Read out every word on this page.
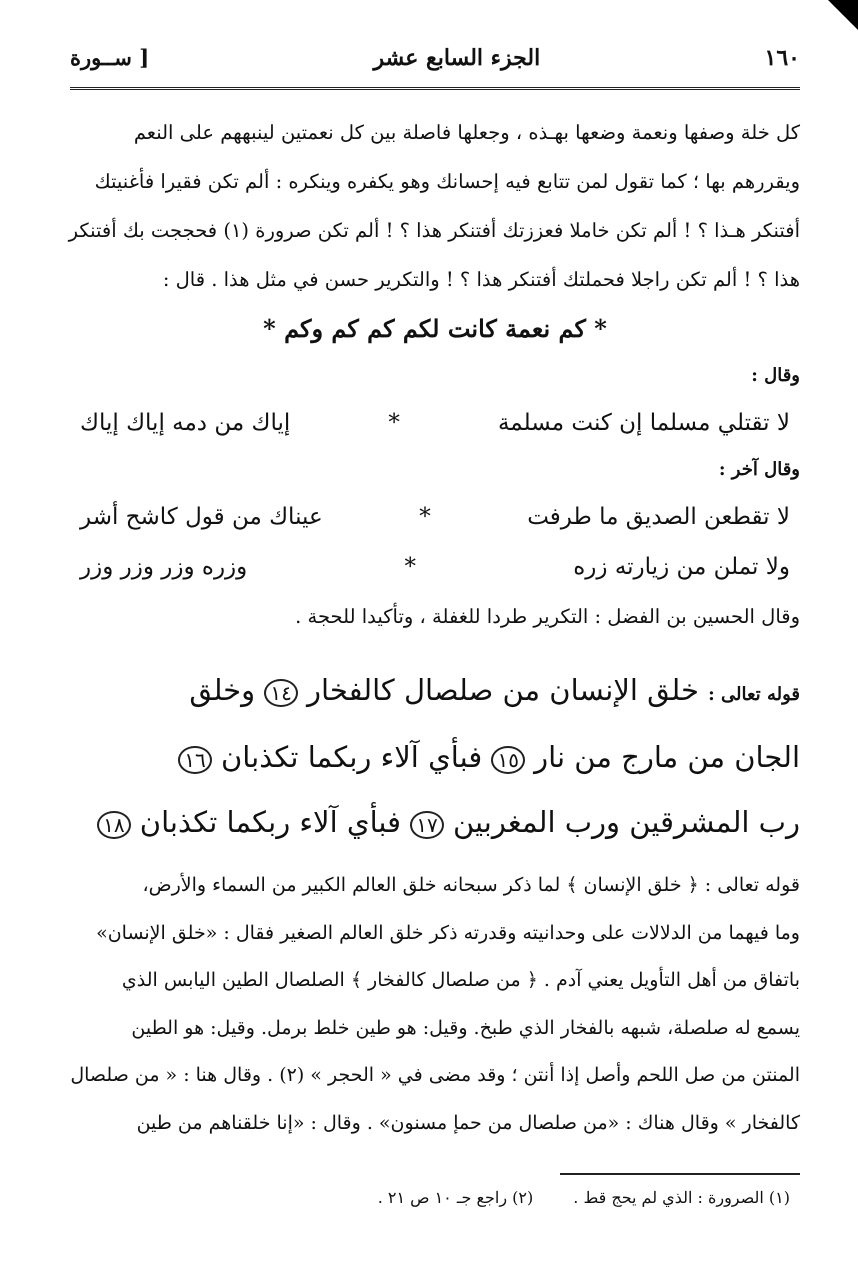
١٦٠
الجزء السابع عشر
[ ســورة
كل خلة وصفها ونعمة وضعها بهـذه ، وجعلها فاصلة بين كل نعمتين لينبههم على النعم
ويقررهم بها ؛ كما تقول لمن تتابع فيه إحسانك وهو يكفره وينكره : ألم تكن فقيرا فأغنيتك
أفتنكر هـذا ؟ ! ألم تكن خاملا فعززتك أفتنكر هذا ؟ ! ألم تكن صرورة (١) فحججت بك أفتنكر
هذا ؟ ! ألم تكن راجلا فحملتك أفتنكر هذا ؟ ! والتكرير حسن في مثل هذا . قال :
* كم نعمة كانت لكم كم كم وكم *
وقال :
لا تقتلي مسلما إن كنت مسلمة
*
إياك من دمه إياك إياك
وقال آخر :
لا تقطعن الصديق ما طرفت
*
عيناك من قول كاشح أشر
ولا تملن من زيارته زره
*
وزره وزر وزر وزر
وقال الحسين بن الفضل : التكرير طردا للغفلة ، وتأكيدا للحجة .
قوله تعالى : خلق الإنسان من صلصال كالفخار ١٤ وخلق
الجان من مارج من نار ١٥ فبأي آلاء ربكما تكذبان ١٦
رب المشرقين ورب المغربين ١٧ فبأي آلاء ربكما تكذبان ١٨
قوله تعالى : ﴿ خلق الإنسان ﴾ لما ذكر سبحانه خلق العالم الكبير من السماء والأرض،
وما فيهما من الدلالات على وحدانيته وقدرته ذكر خلق العالم الصغير فقال : «خلق الإنسان»
باتفاق من أهل التأويل يعني آدم . ﴿ من صلصال كالفخار ﴾ الصلصال الطين اليابس الذي
يسمع له صلصلة، شبهه بالفخار الذي طبخ. وقيل: هو طين خلط برمل. وقيل: هو الطين
المنتن من صل اللحم وأصل إذا أنتن ؛ وقد مضى في « الحجر » (٢) . وقال هنا : « من صلصال
كالفخار » وقال هناك : «من صلصال من حمإ مسنون» . وقال : «إنا خلقناهم من طين
(١) الصرورة : الذي لم يحج قط .
(٢) راجع جـ ١٠ ص ٢١ .
